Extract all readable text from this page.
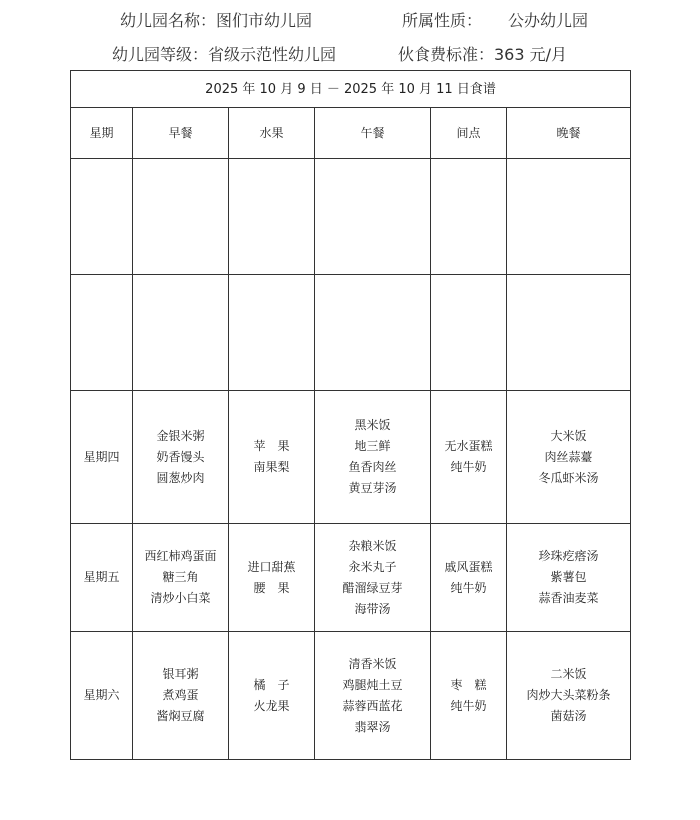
幼儿园名称：图们市幼儿园	所属性质： 公办幼儿园
幼儿园等级：省级示范性幼儿园	伙食费标准：363 元/月
2025 年 10 月 9 日 － 2025 年 10 月 11 日食谱					
星期	早餐	水果	午餐	间点	晚餐

星期四	金银米粥
奶香馒头
圆葱炒肉	苹　果
南果梨	黑米饭
地三鲜
鱼香肉丝
黄豆芽汤	无水蛋糕
纯牛奶	大米饭
肉丝蒜薹
冬瓜虾米汤

星期五	西红柿鸡蛋面
糖三角
清炒小白菜	进口甜蕉
腰　果	杂粮米饭
汆米丸子
醋溜绿豆芽
海带汤	戚风蛋糕
纯牛奶	珍珠疙瘩汤
紫薯包
蒜香油麦菜

星期六	银耳粥
煮鸡蛋
酱焖豆腐	橘　子
火龙果	清香米饭
鸡腿炖土豆
蒜蓉西蓝花
翡翠汤	枣　糕
纯牛奶	二米饭
肉炒大头菜粉条
菌菇汤
